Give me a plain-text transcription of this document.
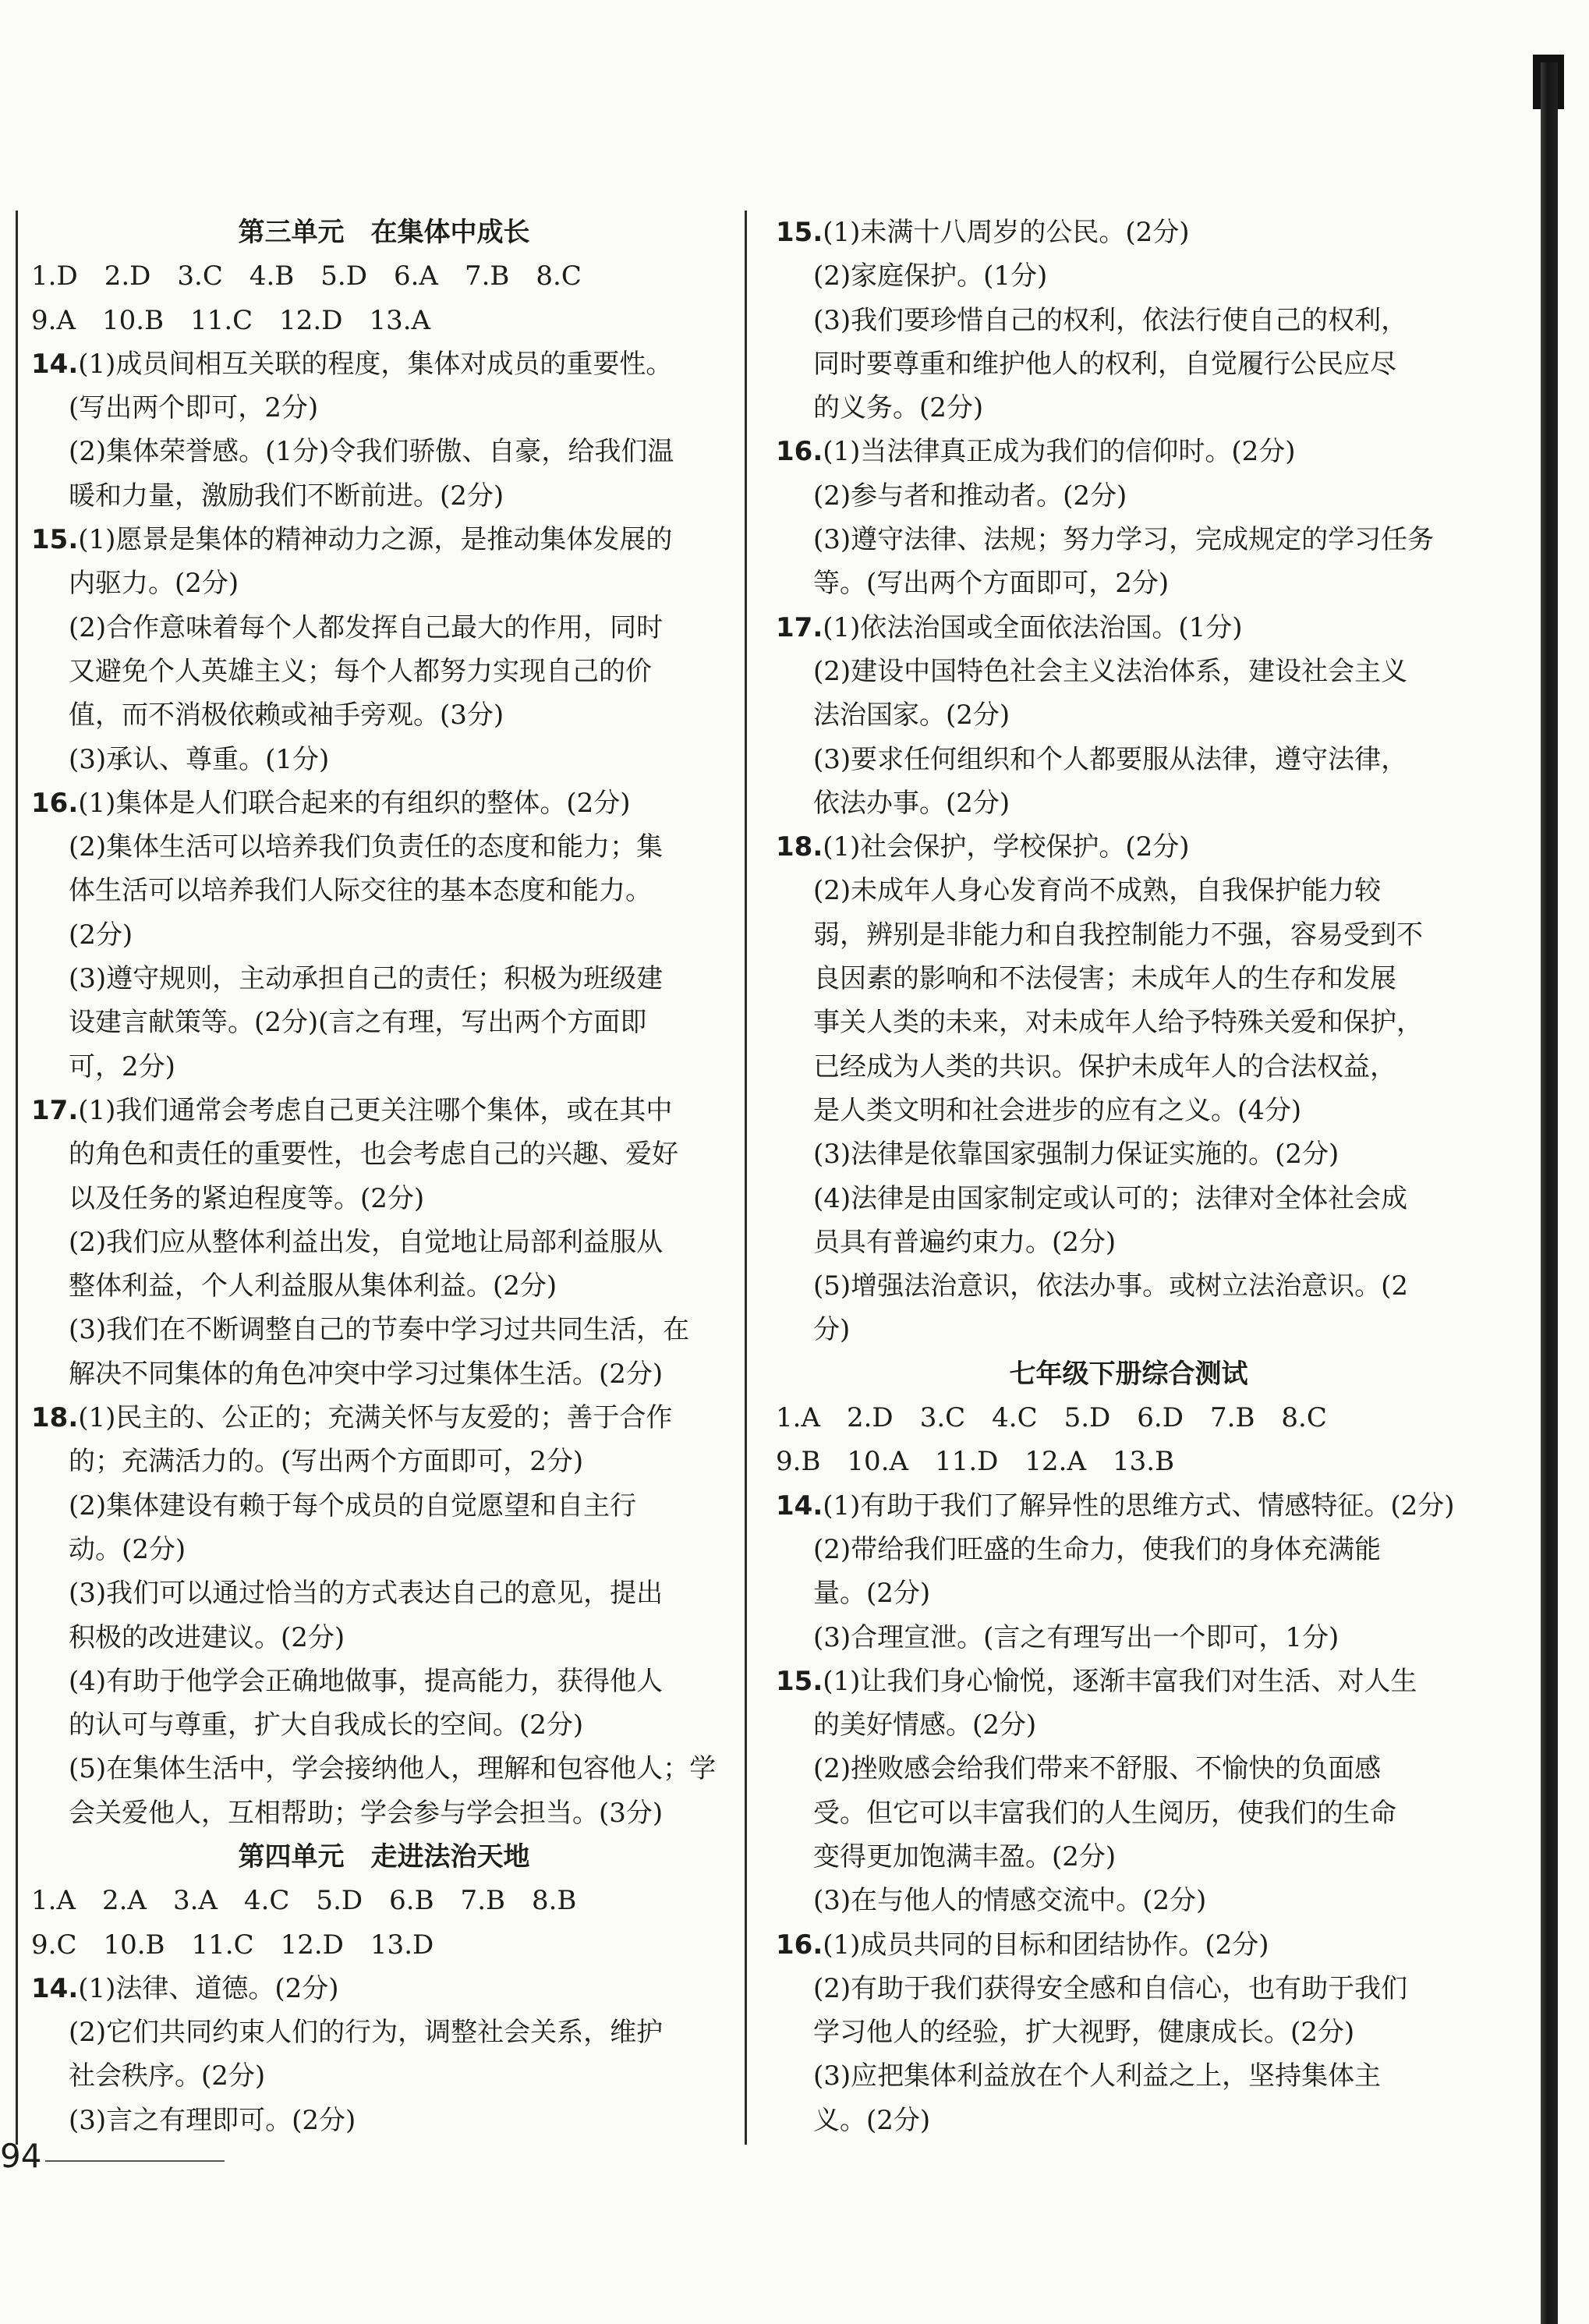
第三单元　在集体中成长
1.D　2.D　3.C　4.B　5.D　6.A　7.B　8.C
9.A　10.B　11.C　12.D　13.A
14.(1)成员间相互关联的程度，集体对成员的重要性。
(写出两个即可，2分)
(2)集体荣誉感。(1分)令我们骄傲、自豪，给我们温
暖和力量，激励我们不断前进。(2分)
15.(1)愿景是集体的精神动力之源，是推动集体发展的
内驱力。(2分)
(2)合作意味着每个人都发挥自己最大的作用，同时
又避免个人英雄主义；每个人都努力实现自己的价
值，而不消极依赖或袖手旁观。(3分)
(3)承认、尊重。(1分)
16.(1)集体是人们联合起来的有组织的整体。(2分)
(2)集体生活可以培养我们负责任的态度和能力；集
体生活可以培养我们人际交往的基本态度和能力。
(2分)
(3)遵守规则，主动承担自己的责任；积极为班级建
设建言献策等。(2分)(言之有理，写出两个方面即
可，2分)
17.(1)我们通常会考虑自己更关注哪个集体，或在其中
的角色和责任的重要性，也会考虑自己的兴趣、爱好
以及任务的紧迫程度等。(2分)
(2)我们应从整体利益出发，自觉地让局部利益服从
整体利益，个人利益服从集体利益。(2分)
(3)我们在不断调整自己的节奏中学习过共同生活，在
解决不同集体的角色冲突中学习过集体生活。(2分)
18.(1)民主的、公正的；充满关怀与友爱的；善于合作
的；充满活力的。(写出两个方面即可，2分)
(2)集体建设有赖于每个成员的自觉愿望和自主行
动。(2分)
(3)我们可以通过恰当的方式表达自己的意见，提出
积极的改进建议。(2分)
(4)有助于他学会正确地做事，提高能力，获得他人
的认可与尊重，扩大自我成长的空间。(2分)
(5)在集体生活中，学会接纳他人，理解和包容他人；学
会关爱他人，互相帮助；学会参与学会担当。(3分)
第四单元　走进法治天地
1.A　2.A　3.A　4.C　5.D　6.B　7.B　8.B
9.C　10.B　11.C　12.D　13.D
14.(1)法律、道德。(2分)
(2)它们共同约束人们的行为，调整社会关系，维护
社会秩序。(2分)
(3)言之有理即可。(2分)
15.(1)未满十八周岁的公民。(2分)
(2)家庭保护。(1分)
(3)我们要珍惜自己的权利，依法行使自己的权利，
同时要尊重和维护他人的权利，自觉履行公民应尽
的义务。(2分)
16.(1)当法律真正成为我们的信仰时。(2分)
(2)参与者和推动者。(2分)
(3)遵守法律、法规；努力学习，完成规定的学习任务
等。(写出两个方面即可，2分)
17.(1)依法治国或全面依法治国。(1分)
(2)建设中国特色社会主义法治体系，建设社会主义
法治国家。(2分)
(3)要求任何组织和个人都要服从法律，遵守法律，
依法办事。(2分)
18.(1)社会保护，学校保护。(2分)
(2)未成年人身心发育尚不成熟，自我保护能力较
弱，辨别是非能力和自我控制能力不强，容易受到不
良因素的影响和不法侵害；未成年人的生存和发展
事关人类的未来，对未成年人给予特殊关爱和保护，
已经成为人类的共识。保护未成年人的合法权益，
是人类文明和社会进步的应有之义。(4分)
(3)法律是依靠国家强制力保证实施的。(2分)
(4)法律是由国家制定或认可的；法律对全体社会成
员具有普遍约束力。(2分)
(5)增强法治意识，依法办事。或树立法治意识。(2
分)
七年级下册综合测试
1.A　2.D　3.C　4.C　5.D　6.D　7.B　8.C
9.B　10.A　11.D　12.A　13.B
14.(1)有助于我们了解异性的思维方式、情感特征。(2分)
(2)带给我们旺盛的生命力，使我们的身体充满能
量。(2分)
(3)合理宣泄。(言之有理写出一个即可，1分)
15.(1)让我们身心愉悦，逐渐丰富我们对生活、对人生
的美好情感。(2分)
(2)挫败感会给我们带来不舒服、不愉快的负面感
受。但它可以丰富我们的人生阅历，使我们的生命
变得更加饱满丰盈。(2分)
(3)在与他人的情感交流中。(2分)
16.(1)成员共同的目标和团结协作。(2分)
(2)有助于我们获得安全感和自信心，也有助于我们
学习他人的经验，扩大视野，健康成长。(2分)
(3)应把集体利益放在个人利益之上，坚持集体主
义。(2分)
94
